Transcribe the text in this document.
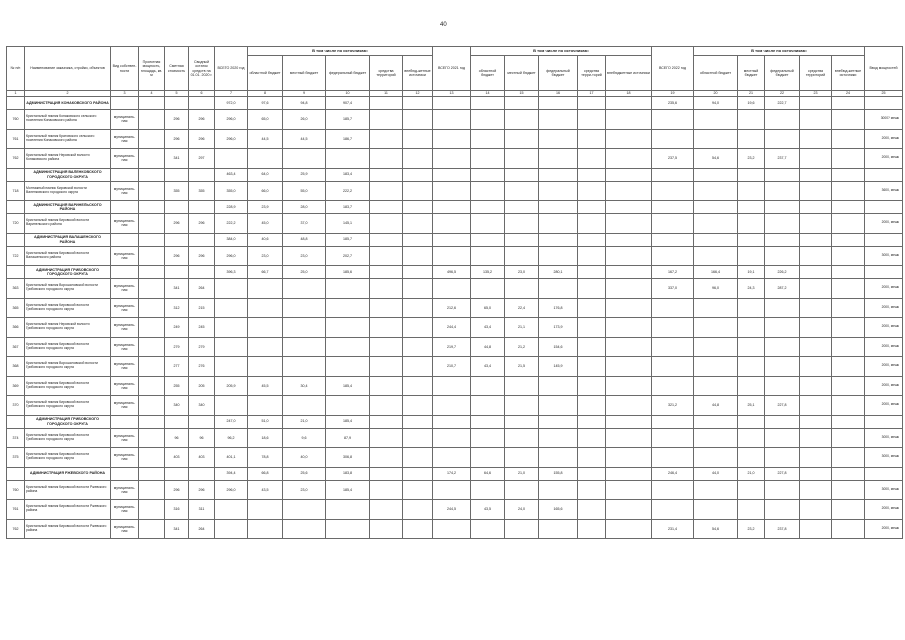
40
№ п/п	Наименование заказчика, стройки, объектов	Вид собствен-ности	Проектная мощность, площадь, кв. м	Сметная стоимость	Сводный остаток средств на 01.01. 2020 г.	ВСЕГО 2020 год	В том числе по источникам:					ВСЕГО 2021 год	В том числе по источникам:					ВСЕГО 2022 год	В том числе по источникам:					Ввод мощностей
							областной бюджет	местный бюджет	федеральный бюджет	средства территорий	внебюд-жетные источники		областной бюджет	местный бюджет	федеральный бюджет	средства терри-торий	внебюджетные источники		областной бюджет	местный бюджет	федеральный бюджет	средства территорий	внебюд-жетные источники	
1	2	3	4	5	6	7	8	9	10	11	12	13	14	15	16	17	18	19	20	21	22	23	24	25
	АДМИНИСТРАЦИЯ КОНАКОВСКОГО РАЙОНА					972,0	97,6	94,8	907,4									235,6	94,0	19,6	222,7			
760	Кристальный пикник Конаковского сельского поселения Конаковского района	муниципаль-ная		296	296	296,0	65,0	26,0	185,7															3000? мешк
761	Кристальный пикник Кратовского сельского поселения Конаковского района	муниципаль-ная		296	296	296,0	44,5	44,5	186,7															2000, мешк
762	Кристальный пикник Неровской волости Конаковского района	муниципаль-ная		341	297													237,5	54,6	23,2	237,7			2000, мешк
	АДМИНИСТРАЦИЯ ВАЛЕНКОВСКОГО ГОРОДСКОГО ОКРУГА					463,4	64,0	25,9	183,4															
718	Монтажный пикник Кировской волости Валенковского городского округа	муниципаль-ная		355	355	355,0	66,0	55,0	222,2															3600, мешк
	АДМИНИСТРАЦИЯ ВАРИНЕЛЬСКОГО РАЙОНА					228,9	23,9	28,0	183,7															
720	Кристальный пикник Кировской волости Варинельского района	муниципаль-ная		296	296	222,2	45,0	37,0	145,1															2000, мешк
	АДМИНИСТРАЦИЯ ВАЛАШЕНСКОГО РАЙОНА					384,0	40,6	48,8	185,7															
722	Кристальный пикник Кировской волости Валашенского района	муниципаль-ная		296	296	296,0	23,0	23,0	202,7															3000, мешк
	АДМИНИСТРАЦИЯ ГРИБОВСКОГО ГОРОДСКОГО ОКРУГА					396,3	66,7	25,0	185,6			496,5	135,2	23,0	280,1			167,2	166,4	19,1	226,2			
363	Кристальный пикник Ворошиловской волости Грибовского городского округа	муниципаль-ная		341	264													337,0	96,0	24,3	287,2			2000, мешк
365	Кристальный пикник Кировской волости Грибовского городского округа	муниципаль-ная		312	215							212,6	65,0	22,4	176,8									2000, мешк
366	Кристальный пикник Неровской волости Грибовского городского округа	муниципаль-ная		249	245							244,4	43,4	21,1	173,9									2000, мешк
367	Кристальный пикник Кировской волости Грибовского городского округа	муниципаль-ная		279	279							219,7	44,8	21,2	154,6									2000, мешк
368	Кристальный пикник Ворошиловской волости Грибовского городского округа	муниципаль-ная		277	276							210,7	43,4	21,5	145,9									2000, мешк
369	Кристальный пикник Кировской волости Грибовского городского округа	муниципаль-ная		255	205	205,9	45,5	30,4	185,4															2000, мешк
370	Кристальный пикник Кировской волости Грибовского городского округа	муниципаль-ная		340	340													321,2	44,8	25,1	227,8			2000, мешк
	АДМИНИСТРАЦИЯ ГРИБОВСКОГО ГОРОДСКОГО ОКРУГА					247,0	51,0	21,0	185,4															
374	Кристальный пикник Кировской волости Грибовского городского округа	муниципаль-ная		96	96	96,2	18,6	9,6	87,9															3000, мешк
375	Кристальный пикник Кировской волости Грибовского городского округа	муниципаль-ная		403	403	401,1	78,8	40,0	306,8															3000, мешк
	АДМИНИСТРАЦИЯ РЖЕВСКОГО РАЙОНА					394,4	66,8	25,6	183,8			174,2	64,6	21,0	155,8			246,4	44,0	21,0	227,8			
760	Кристальный пикник Кировской волости Ржевского района	муниципаль-ная		296	296	296,0	43,5	23,0	185,4															3000, мешк
761	Кристальный пикник Кировской волости Ржевского района	муниципаль-ная		316	311							244,5	43,5	24,0	165,6									2000, мешк
762	Кристальный пикник Кировской волости Ржевского района	муниципаль-ная		341	264													231,4	54,6	23,2	237,8			2000, мешк
